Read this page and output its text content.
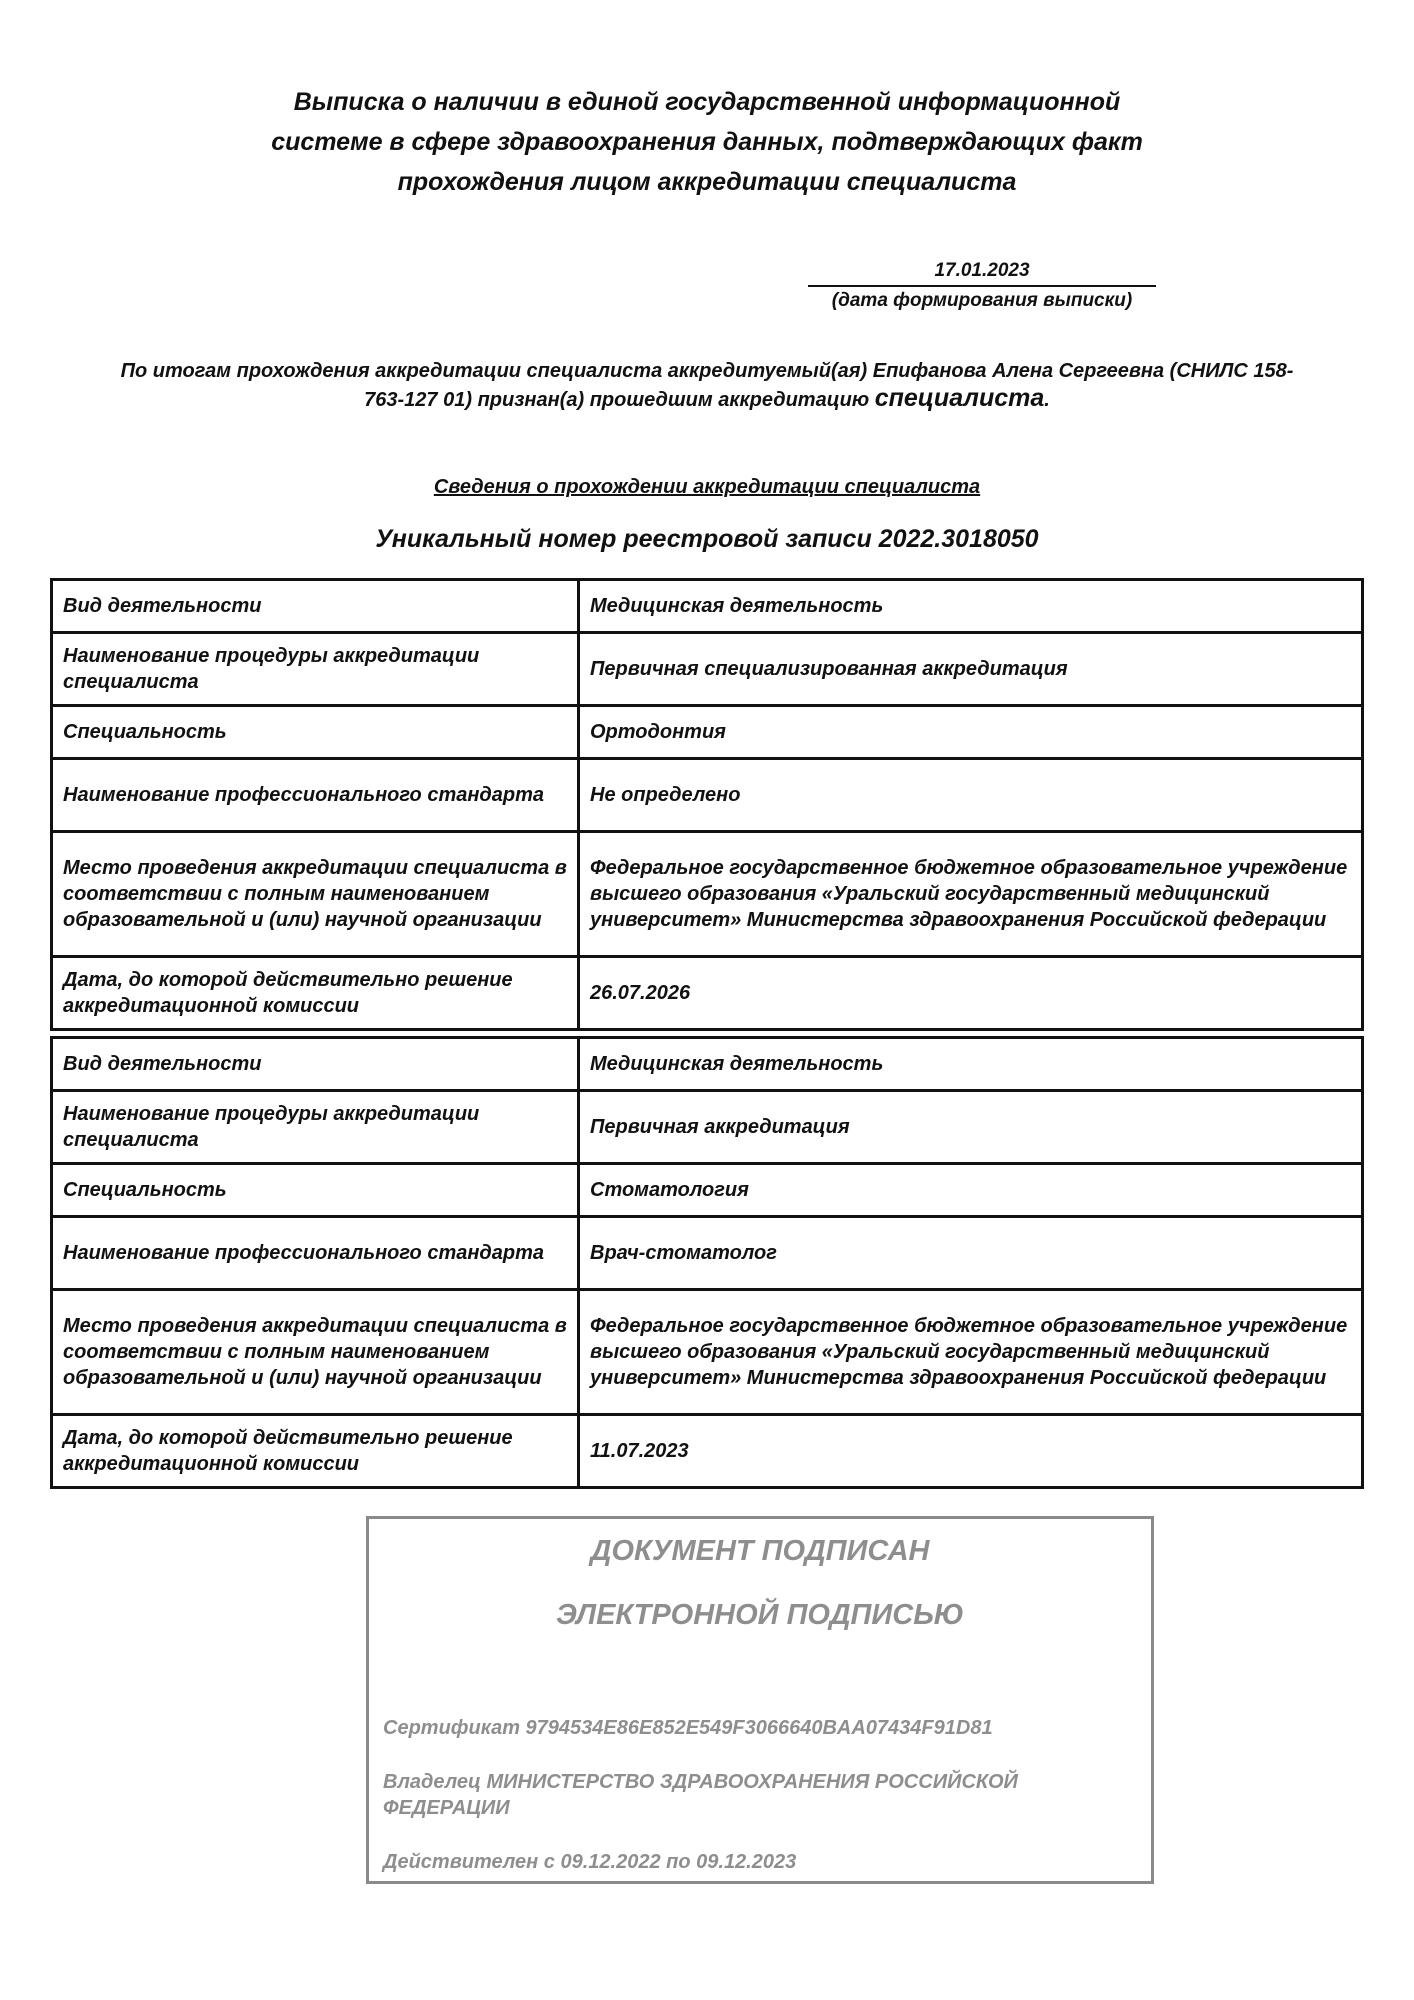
Выписка о наличии в единой государственной информационной
системе в сфере здравоохранения данных, подтверждающих факт
прохождения лицом аккредитации специалиста
17.01.2023
(дата формирования выписки)

По итогам прохождения аккредитации специалиста аккредитуемый(ая) Епифанова Алена Сергеевна (СНИЛС 158-
763-127 01) признан(а) прошедшим аккредитацию специалиста.

Сведения о прохождении аккредитации специалиста

Уникальный номер реестровой записи 2022.3018050

Вид деятельности	Медицинская деятельность
Наименование процедуры аккредитации специалиста	Первичная специализированная аккредитация
Специальность	Ортодонтия
Наименование профессионального стандарта	Не определено
Место проведения аккредитации специалиста в соответствии с полным наименованием образовательной и (или) научной организации	Федеральное государственное бюджетное образовательное учреждение высшего образования «Уральский государственный медицинский университет» Министерства здравоохранения Российской федерации
Дата, до которой действительно решение аккредитационной комиссии	26.07.2026
Вид деятельности	Медицинская деятельность
Наименование процедуры аккредитации специалиста	Первичная аккредитация
Специальность	Стоматология
Наименование профессионального стандарта	Врач-стоматолог
Место проведения аккредитации специалиста в соответствии с полным наименованием образовательной и (или) научной организации	Федеральное государственное бюджетное образовательное учреждение высшего образования «Уральский государственный медицинский университет» Министерства здравоохранения Российской федерации
Дата, до которой действительно решение аккредитационной комиссии	11.07.2023
ДОКУМЕНТ ПОДПИСАН
ЭЛЕКТРОННОЙ ПОДПИСЬЮ
Сертификат 9794534E86E852E549F3066640BAA07434F91D81
Владелец МИНИСТЕРСТВО ЗДРАВООХРАНЕНИЯ РОССИЙСКОЙ ФЕДЕРАЦИИ
Действителен с 09.12.2022 по 09.12.2023
